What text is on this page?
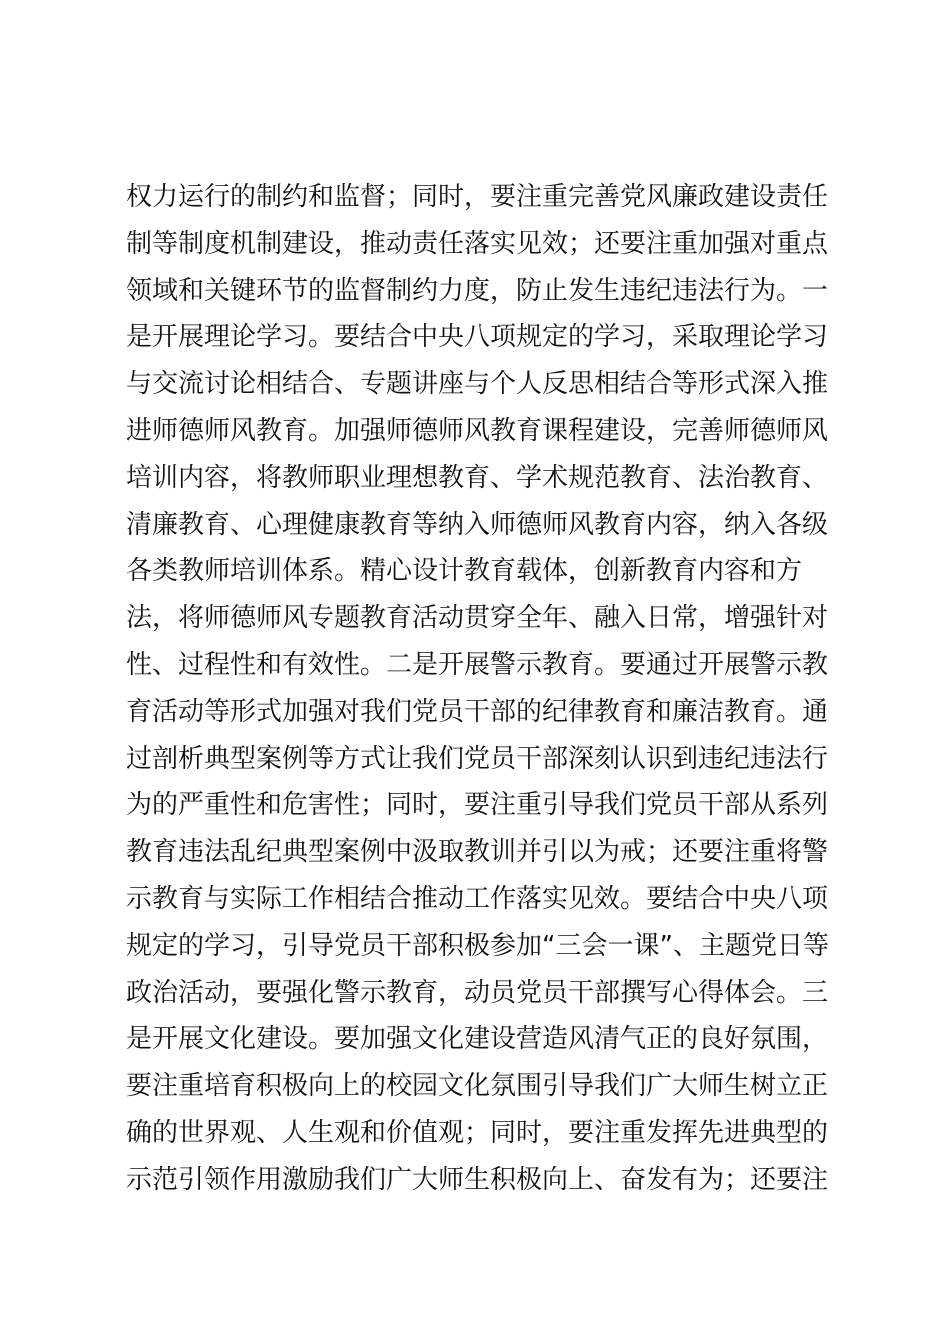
权力运行的制约和监督；同时，要注重完善党风廉政建设责任
制等制度机制建设，推动责任落实见效；还要注重加强对重点
领域和关键环节的监督制约力度，防止发生违纪违法行为。一
是开展理论学习。要结合中央八项规定的学习，采取理论学习
与交流讨论相结合、专题讲座与个人反思相结合等形式深入推
进师德师风教育。加强师德师风教育课程建设，完善师德师风
培训内容，将教师职业理想教育、学术规范教育、法治教育、
清廉教育、心理健康教育等纳入师德师风教育内容，纳入各级
各类教师培训体系。精心设计教育载体，创新教育内容和方
法，将师德师风专题教育活动贯穿全年、融入日常，增强针对
性、过程性和有效性。二是开展警示教育。要通过开展警示教
育活动等形式加强对我们党员干部的纪律教育和廉洁教育。通
过剖析典型案例等方式让我们党员干部深刻认识到违纪违法行
为的严重性和危害性；同时，要注重引导我们党员干部从系列
教育违法乱纪典型案例中汲取教训并引以为戒；还要注重将警
示教育与实际工作相结合推动工作落实见效。要结合中央八项
规定的学习，引导党员干部积极参加“三会一课”、主题党日等
政治活动，要强化警示教育，动员党员干部撰写心得体会。三
是开展文化建设。要加强文化建设营造风清气正的良好氛围，
要注重培育积极向上的校园文化氛围引导我们广大师生树立正
确的世界观、人生观和价值观；同时，要注重发挥先进典型的
示范引领作用激励我们广大师生积极向上、奋发有为；还要注
